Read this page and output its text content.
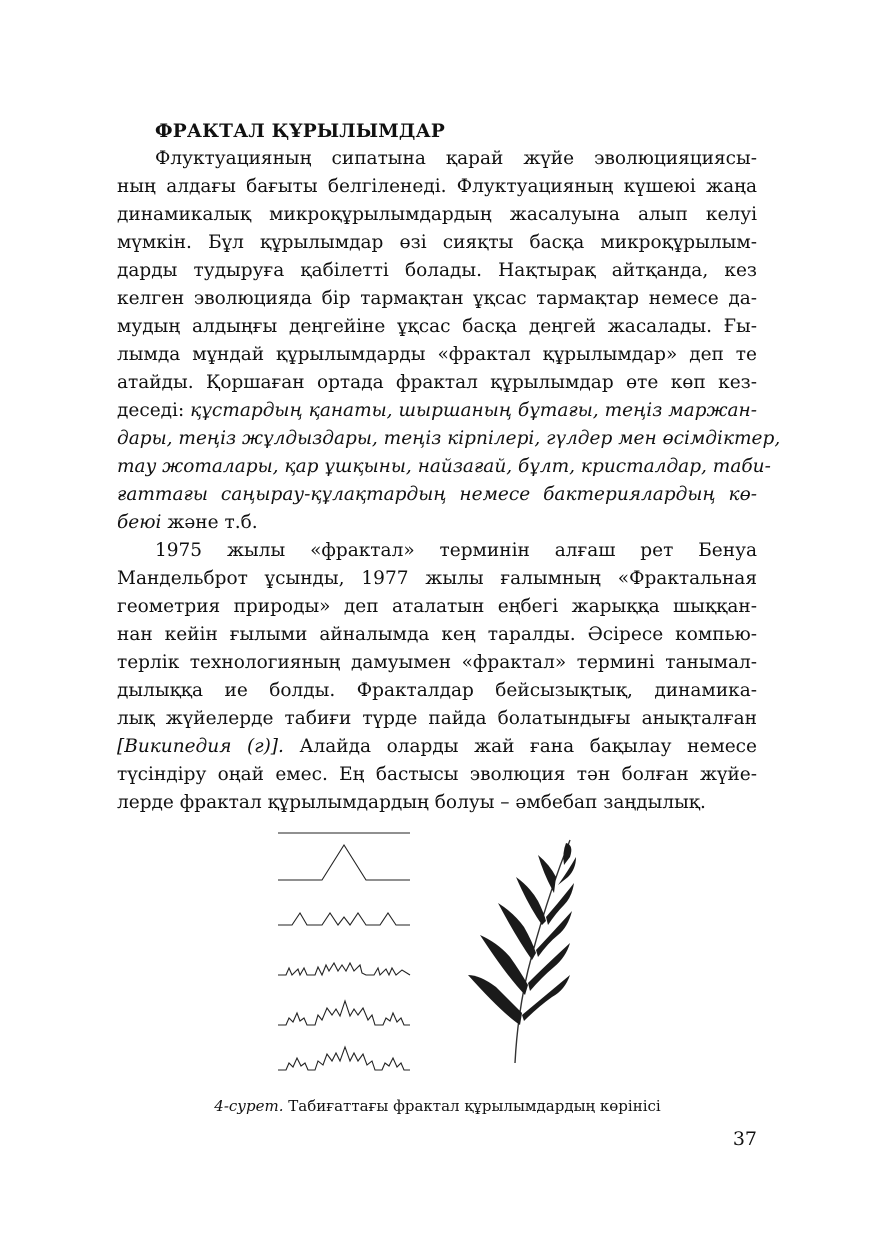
ФРАКТАЛ ҚҰРЫЛЫМДАР
Флуктуацияның сипатына қарай жүйе эволюцияциясы-
ның алдағы бағыты белгіленеді. Флуктуацияның күшеюі жаңа
динамикалық микроқұрылымдардың жасалуына алып келуі
мүмкін. Бұл құрылымдар өзі сияқты басқа микроқұрылым-
дарды тудыруға қабілетті болады. Нақтырақ айтқанда, кез
келген эволюцияда бір тармақтан ұқсас тармақтар немесе да-
мудың алдыңғы деңгейіне ұқсас басқа деңгей жасалады. Ғы-
лымда мұндай құрылымдарды «фрактал құрылымдар» деп те
атайды. Қоршаған ортада фрактал құрылымдар өте көп кез-
деседі: құстардың қанаты, шыршаның бұтағы, теңіз маржан-
дары, теңіз жұлдыздары, теңіз кірпілері, гүлдер мен өсімдіктер,
тау жоталары, қар ұшқыны, найзағай, бұлт, кристалдар, таби-
ғаттағы саңырау-құлақтардың немесе бактериялардың кө-
беюі және т.б.
1975 жылы «фрактал» терминін алғаш рет Бенуа
Мандельброт ұсынды, 1977 жылы ғалымның «Фрактальная
геометрия природы» деп аталатын еңбегі жарыққа шыққан-
нан кейін ғылыми айналымда кең таралды. Әсіресе компью-
терлік технологияның дамуымен «фрактал» термині танымал-
дылыққа ие болды. Фракталдар бейсызықтық, динамика-
лық жүйелерде табиғи түрде пайда болатындығы анықталған
[Википедия (г)]. Алайда оларды жай ғана бақылау немесе
түсіндіру оңай емес. Ең бастысы эволюция тән болған жүйе-
лерде фрактал құрылымдардың болуы – әмбебап заңдылық.
4-сурет. Табиғаттағы фрактал құрылымдардың көрінісі
37
